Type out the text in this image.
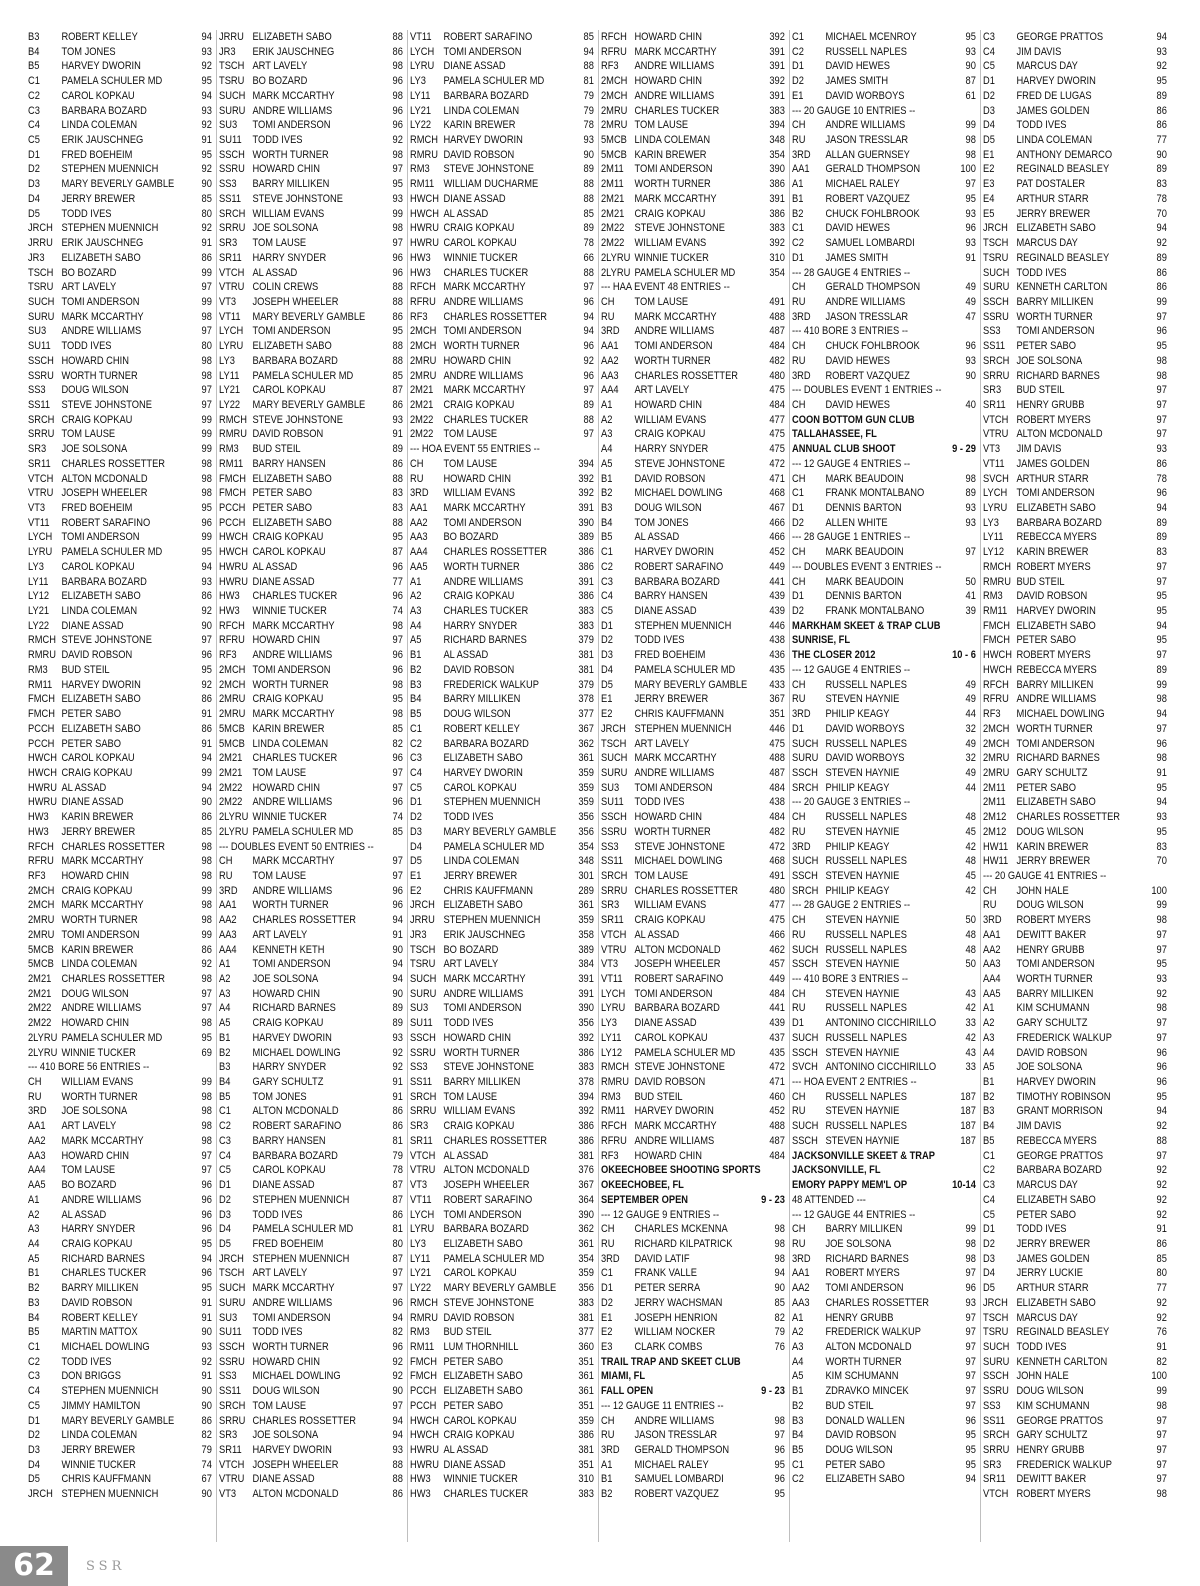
B3	ROBERT KELLEY	94
B4	TOM JONES	93
B5	HARVEY DWORIN	92
C1	PAMELA SCHULER MD	95
C2	CAROL KOPKAU	94
C3	BARBARA BOZARD	93
C4	LINDA COLEMAN	92
C5	ERIK JAUSCHNEG	91
D1	FRED BOEHEIM	95
D2	STEPHEN MUENNICH	92
D3	MARY BEVERLY GAMBLE	90
D4	JERRY BREWER	85
D5	TODD IVES	80
JRCH STEPHEN MUENNICH	92
JRRU ERIK JAUSCHNEG	91
JR3	ELIZABETH SABO	86
TSCH BO BOZARD	99
TSRU ART LAVELY	97
SUCH TOMI ANDERSON	99
SURU MARK MCCARTHY	98
SU3	ANDRE WILLIAMS	97
SU11	TODD IVES	80
SSCH HOWARD CHIN	98
SSRU WORTH TURNER	98
SS3	DOUG WILSON	97
SS11	STEVE JOHNSTONE	97
SRCH CRAIG KOPKAU	99
SRRU TOM LAUSE	99
SR3	JOE SOLSONA	99
SR11	CHARLES ROSSETTER	98
VTCH ALTON MCDONALD	98
VTRU JOSEPH WHEELER	98
VT3	FRED BOEHEIM	95
VT11	ROBERT SARAFINO	96
LYCH TOMI ANDERSON	99
LYRU PAMELA SCHULER MD	95
LY3	CAROL KOPKAU	94
LY11	BARBARA BOZARD	93
LY12	ELIZABETH SABO	86
LY21	LINDA COLEMAN	92
LY22	DIANE ASSAD	90
RMCH STEVE JOHNSTONE	97
RMRU DAVID ROBSON	96
RM3	BUD STEIL	95
RM11 HARVEY DWORIN	92
FMCH ELIZABETH SABO	86
FMCH PETER SABO	91
PCCH ELIZABETH SABO	86
PCCH PETER SABO	91
HWCH CAROL KOPKAU	94
HWCH CRAIG KOPKAU	99
HWRU AL ASSAD	94
HWRU DIANE ASSAD	90
HW3	KARIN BREWER	86
HW3	JERRY BREWER	85
RFCH CHARLES ROSSETTER	98
RFRU MARK MCCARTHY	98
RF3	HOWARD CHIN	98
2MCH CRAIG KOPKAU	99
2MCH MARK MCCARTHY	98
2MRU WORTH TURNER	98
2MRU TOMI ANDERSON	99
5MCB KARIN BREWER	86
5MCB LINDA COLEMAN	92
2M21 CHARLES ROSSETTER	98
2M21 DOUG WILSON	97
2M22 ANDRE WILLIAMS	97
2M22 HOWARD CHIN	98
2LYRU PAMELA SCHULER MD	95
2LYRU WINNIE TUCKER	69
--- 410 BORE 56 ENTRIES --
CH	WILLIAM EVANS	99
RU	WORTH TURNER	98
3RD	JOE SOLSONA	98
AA1	ART LAVELY	98
AA2	MARK MCCARTHY	98
AA3	HOWARD CHIN	97
AA4	TOM LAUSE	97
AA5	BO BOZARD	96
A1	ANDRE WILLIAMS	96
A2	AL ASSAD	96
A3	HARRY SNYDER	96
A4	CRAIG KOPKAU	95
A5	RICHARD BARNES	94
B1	CHARLES TUCKER	96
B2	BARRY MILLIKEN	95
B3	DAVID ROBSON	91
B4	ROBERT KELLEY	91
B5	MARTIN MATTOX	90
C1	MICHAEL DOWLING	93
C2	TODD IVES	92
C3	DON BRIGGS	91
C4	STEPHEN MUENNICH	90
C5	JIMMY HAMILTON	90
D1	MARY BEVERLY GAMBLE	86
D2	LINDA COLEMAN	82
D3	JERRY BREWER	79
D4	WINNIE TUCKER	74
D5	CHRIS KAUFFMANN	67
JRCH STEPHEN MUENNICH	90
JRRU ELIZABETH SABO	88
JR3	ERIK JAUSCHNEG	86
TSCH ART LAVELY	98
TSRU BO BOZARD	96
SUCH MARK MCCARTHY	98
SURU ANDRE WILLIAMS	96
SU3	TOMI ANDERSON	96
SU11	TODD IVES	92
SSCH WORTH TURNER	98
SSRU HOWARD CHIN	97
SS3	BARRY MILLIKEN	95
SS11	STEVE JOHNSTONE	93
SRCH WILLIAM EVANS	99
SRRU JOE SOLSONA	98
SR3	TOM LAUSE	97
SR11	HARRY SNYDER	96
VTCH AL ASSAD	96
VTRU COLIN CREWS	88
VT3	JOSEPH WHEELER	88
VT11	MARY BEVERLY GAMBLE	86
LYCH TOMI ANDERSON	95
LYRU ELIZABETH SABO	88
LY3	BARBARA BOZARD	88
LY11	PAMELA SCHULER MD	85
LY21	CAROL KOPKAU	87
LY22	MARY BEVERLY GAMBLE	86
RMCH STEVE JOHNSTONE	93
RMRU DAVID ROBSON	91
RM3	BUD STEIL	89
RM11 BARRY HANSEN	86
FMCH ELIZABETH SABO	88
FMCH PETER SABO	83
PCCH PETER SABO	83
PCCH ELIZABETH SABO	88
HWCH CRAIG KOPKAU	95
HWCH CAROL KOPKAU	87
HWRU AL ASSAD	96
HWRU DIANE ASSAD	77
HW3	CHARLES TUCKER	96
HW3	WINNIE TUCKER	74
RFCH MARK MCCARTHY	98
RFRU HOWARD CHIN	97
RF3	ANDRE WILLIAMS	96
2MCH TOMI ANDERSON	96
2MCH WORTH TURNER	98
2MRU CRAIG KOPKAU	95
2MRU MARK MCCARTHY	98
5MCB KARIN BREWER	85
5MCB LINDA COLEMAN	82
2M21 CHARLES TUCKER	96
2M21 TOM LAUSE	97
2M22 HOWARD CHIN	97
2M22 ANDRE WILLIAMS	96
2LYRU WINNIE TUCKER	74
2LYRU PAMELA SCHULER MD	85
--- DOUBLES EVENT 50 ENTRIES --
CH	MARK MCCARTHY	97
RU	TOM LAUSE	97
3RD	ANDRE WILLIAMS	96
AA1	WORTH TURNER	96
AA2	CHARLES ROSSETTER	94
AA3	ART LAVELY	91
AA4	KENNETH KETH	90
A1	TOMI ANDERSON	94
A2	JOE SOLSONA	94
A3	HOWARD CHIN	90
A4	RICHARD BARNES	89
A5	CRAIG KOPKAU	89
B1	HARVEY DWORIN	93
B2	MICHAEL DOWLING	92
B3	HARRY SNYDER	92
B4	GARY SCHULTZ	91
B5	TOM JONES	91
C1	ALTON MCDONALD	86
C2	ROBERT SARAFINO	86
C3	BARRY HANSEN	81
C4	BARBARA BOZARD	79
C5	CAROL KOPKAU	78
D1	DIANE ASSAD	87
D2	STEPHEN MUENNICH	87
D3	TODD IVES	86
D4	PAMELA SCHULER MD	81
D5	FRED BOEHEIM	80
JRCH STEPHEN MUENNICH	87
TSCH ART LAVELY	97
SUCH MARK MCCARTHY	97
SURU ANDRE WILLIAMS	96
SU3	TOMI ANDERSON	94
SU11	TODD IVES	82
SSCH WORTH TURNER	96
SSRU HOWARD CHIN	92
SS3	MICHAEL DOWLING	92
SS11	DOUG WILSON	90
SRCH TOM LAUSE	97
SRRU CHARLES ROSSETTER	94
SR3	JOE SOLSONA	94
SR11	HARVEY DWORIN	93
VTCH JOSEPH WHEELER	88
VTRU DIANE ASSAD	88
VT3	ALTON MCDONALD	86
VT11	ROBERT SARAFINO	85
LYCH TOMI ANDERSON	94
LYRU DIANE ASSAD	88
LY3	PAMELA SCHULER MD	81
LY11	BARBARA BOZARD	79
LY21	LINDA COLEMAN	79
LY22	KARIN BREWER	78
RMCH HARVEY DWORIN	93
RMRU DAVID ROBSON	90
RM3	STEVE JOHNSTONE	89
RM11 WILLIAM DUCHARME	88
HWCH DIANE ASSAD	88
HWCH AL ASSAD	85
HWRU CRAIG KOPKAU	89
HWRU CAROL KOPKAU	78
HW3	WINNIE TUCKER	66
HW3	CHARLES TUCKER	88
RFCH MARK MCCARTHY	97
RFRU ANDRE WILLIAMS	96
RF3	CHARLES ROSSETTER	94
2MCH TOMI ANDERSON	94
2MCH WORTH TURNER	96
2MRU HOWARD CHIN	92
2MRU ANDRE WILLIAMS	96
2M21 MARK MCCARTHY	97
2M21 CRAIG KOPKAU	89
2M22 CHARLES TUCKER	88
2M22 TOM LAUSE	97
--- HOA EVENT 55 ENTRIES --
CH	TOM LAUSE	394
RU	HOWARD CHIN	392
3RD	WILLIAM EVANS	392
AA1	MARK MCCARTHY	391
AA2	TOMI ANDERSON	390
AA3	BO BOZARD	389
AA4	CHARLES ROSSETTER	386
AA5	WORTH TURNER	386
A1	ANDRE WILLIAMS	391
A2	CRAIG KOPKAU	386
A3	CHARLES TUCKER	383
A4	HARRY SNYDER	383
A5	RICHARD BARNES	379
B1	AL ASSAD	381
B2	DAVID ROBSON	381
B3	FREDERICK WALKUP	379
B4	BARRY MILLIKEN	378
B5	DOUG WILSON	377
C1	ROBERT KELLEY	367
C2	BARBARA BOZARD	362
C3	ELIZABETH SABO	361
C4	HARVEY DWORIN	359
C5	CAROL KOPKAU	359
D1	STEPHEN MUENNICH	359
D2	TODD IVES	356
D3	MARY BEVERLY GAMBLE 356
D4	PAMELA SCHULER MD	354
D5	LINDA COLEMAN	348
E1	JERRY BREWER	301
E2	CHRIS KAUFFMANN	289
JRCH ELIZABETH SABO	361
JRRU STEPHEN MUENNICH	359
JR3	ERIK JAUSCHNEG	358
TSCH BO BOZARD	389
TSRU ART LAVELY	384
SUCH MARK MCCARTHY	391
SURU ANDRE WILLIAMS	391
SU3	TOMI ANDERSON	390
SU11	TODD IVES	356
SSCH HOWARD CHIN	392
SSRU WORTH TURNER	386
SS3	STEVE JOHNSTONE	383
SS11	BARRY MILLIKEN	378
SRCH TOM LAUSE	394
SRRU WILLIAM EVANS	392
SR3	CRAIG KOPKAU	386
SR11	CHARLES ROSSETTER	386
VTCH AL ASSAD	381
VTRU ALTON MCDONALD	376
VT3	JOSEPH WHEELER	367
VT11	ROBERT SARAFINO	364
LYCH TOMI ANDERSON	390
LYRU BARBARA BOZARD	362
LY3	ELIZABETH SABO	361
LY11	PAMELA SCHULER MD	354
LY21	CAROL KOPKAU	359
LY22	MARY BEVERLY GAMBLE 356
RMCH STEVE JOHNSTONE	383
RMRU DAVID ROBSON	381
RM3	BUD STEIL	377
RM11 LUM THORNHILL	360
FMCH PETER SABO	351
FMCH ELIZABETH SABO	361
PCCH ELIZABETH SABO	361
PCCH PETER SABO	351
HWCH CAROL KOPKAU	359
HWCH CRAIG KOPKAU	386
HWRU AL ASSAD	381
HWRU DIANE ASSAD	351
HW3	WINNIE TUCKER	310
HW3	CHARLES TUCKER	383
RFCH HOWARD CHIN	392
RFRU MARK MCCARTHY	391
RF3	ANDRE WILLIAMS	391
2MCH HOWARD CHIN	392
2MCH ANDRE WILLIAMS	391
2MRU CHARLES TUCKER	383
2MRU TOM LAUSE	394
5MCB LINDA COLEMAN	348
5MCB KARIN BREWER	354
2M11	TOMI ANDERSON	390
2M11	WORTH TURNER	386
2M21 MARK MCCARTHY	391
2M21 CRAIG KOPKAU	386
2M22 STEVE JOHNSTONE	383
2M22 WILLIAM EVANS	392
2LYRU WINNIE TUCKER	310
2LYRU PAMELA SCHULER MD	354
--- HAA EVENT 48 ENTRIES --
CH	TOM LAUSE	491
RU	MARK MCCARTHY	488
3RD	ANDRE WILLIAMS	487
AA1	TOMI ANDERSON	484
AA2	WORTH TURNER	482
AA3	CHARLES ROSSETTER	480
AA4	ART LAVELY	475
A1	HOWARD CHIN	484
A2	WILLIAM EVANS	477
A3	CRAIG KOPKAU	475
A4	HARRY SNYDER	475
A5	STEVE JOHNSTONE	472
B1	DAVID ROBSON	471
B2	MICHAEL DOWLING	468
B3	DOUG WILSON	467
B4	TOM JONES	466
B5	AL ASSAD	466
C1	HARVEY DWORIN	452
C2	ROBERT SARAFINO	449
C3	BARBARA BOZARD	441
C4	BARRY HANSEN	439
C5	DIANE ASSAD	439
D1	STEPHEN MUENNICH	446
D2	TODD IVES	438
D3	FRED BOEHEIM	436
D4	PAMELA SCHULER MD	435
D5	MARY BEVERLY GAMBLE 433
E1	JERRY BREWER	367
E2	CHRIS KAUFFMANN	351
JRCH STEPHEN MUENNICH	446
TSCH ART LAVELY	475
SUCH MARK MCCARTHY	488
SURU ANDRE WILLIAMS	487
SU3	TOMI ANDERSON	484
SU11	TODD IVES	438
SSCH HOWARD CHIN	484
SSRU WORTH TURNER	482
SS3	STEVE JOHNSTONE	472
SS11	MICHAEL DOWLING	468
SRCH TOM LAUSE	491
SRRU CHARLES ROSSETTER	480
SR3	WILLIAM EVANS	477
SR11	CRAIG KOPKAU	475
VTCH AL ASSAD	466
VTRU ALTON MCDONALD	462
VT3	JOSEPH WHEELER	457
VT11	ROBERT SARAFINO	449
LYCH TOMI ANDERSON	484
LYRU BARBARA BOZARD	441
LY3	DIANE ASSAD	439
LY11	CAROL KOPKAU	437
LY12	PAMELA SCHULER MD	435
RMCH STEVE JOHNSTONE	472
RMRU DAVID ROBSON	471
RM3	BUD STEIL	460
RM11 HARVEY DWORIN	452
RFCH MARK MCCARTHY	488
RFRU ANDRE WILLIAMS	487
RF3	HOWARD CHIN	484
OKEECHOBEE SHOOTING SPORTS
OKEECHOBEE, FL
SEPTEMBER OPEN	9 - 23
--- 12 GAUGE 9 ENTRIES --
CH	CHARLES MCKENNA	98
RU	RICHARD KILPATRICK	98
3RD	DAVID LATIF	98
C1	FRANK VALLE	94
D1	PETER SERRA	90
D2	JERRY WACHSMAN	85
E1	JOSEPH HENRION	82
E2	WILLIAM NOCKER	79
E3	CLARK COMBS	76
TRAIL TRAP AND SKEET CLUB
MIAMI, FL
FALL OPEN	9 - 23
--- 12 GAUGE 11 ENTRIES --
CH	ANDRE WILLIAMS	98
RU	JASON TRESSLAR	97
3RD	GERALD THOMPSON	96
A1	MICHAEL RALEY	95
B1	SAMUEL LOMBARDI	96
B2	ROBERT VAZQUEZ	95
C1	MICHAEL MCENROY	95
C2	RUSSELL NAPLES	93
D1	DAVID HEWES	90
D2	JAMES SMITH	87
E1	DAVID WORBOYS	61
--- 20 GAUGE 10 ENTRIES --
CH	ANDRE WILLIAMS	99
RU	JASON TRESSLAR	98
3RD	ALLAN GUERNSEY	98
AA1	GERALD THOMPSON	100
A1	MICHAEL RALEY	97
B1	ROBERT VAZQUEZ	95
B2	CHUCK FOHLBROOK	93
C1	DAVID HEWES	96
C2	SAMUEL LOMBARDI	93
D1	JAMES SMITH	91
--- 28 GAUGE 4 ENTRIES --
CH	GERALD THOMPSON	49
RU	ANDRE WILLIAMS	49
3RD	JASON TRESSLAR	47
--- 410 BORE 3 ENTRIES --
CH	CHUCK FOHLBROOK	96
RU	DAVID HEWES	93
3RD	ROBERT VAZQUEZ	90
--- DOUBLES EVENT 1 ENTRIES --
CH	DAVID HEWES	40
COON BOTTOM GUN CLUB
TALLAHASSEE, FL
ANNUAL CLUB SHOOT	9 - 29
--- 12 GAUGE 4 ENTRIES --
CH	MARK BEAUDOIN	98
C1	FRANK MONTALBANO	89
D1	DENNIS BARTON	93
D2	ALLEN WHITE	93
--- 28 GAUGE 1 ENTRIES --
CH	MARK BEAUDOIN	97
--- DOUBLES EVENT 3 ENTRIES --
CH	MARK BEAUDOIN	50
D1	DENNIS BARTON	41
D2	FRANK MONTALBANO	39
MARKHAM SKEET & TRAP CLUB
SUNRISE, FL
THE CLOSER 2012	10 - 6
--- 12 GAUGE 4 ENTRIES --
CH	RUSSELL NAPLES	49
RU	STEVEN HAYNIE	49
3RD	PHILIP KEAGY	44
D1	DAVID WORBOYS	32
SUCH RUSSELL NAPLES	49
SURU DAVID WORBOYS	32
SSCH STEVEN HAYNIE	49
SRCH PHILIP KEAGY	44
--- 20 GAUGE 3 ENTRIES --
CH	RUSSELL NAPLES	48
RU	STEVEN HAYNIE	45
3RD	PHILIP KEAGY	42
SUCH RUSSELL NAPLES	48
SSCH STEVEN HAYNIE	45
SRCH PHILIP KEAGY	42
--- 28 GAUGE 2 ENTRIES --
CH	STEVEN HAYNIE	50
RU	RUSSELL NAPLES	48
SUCH RUSSELL NAPLES	48
SSCH STEVEN HAYNIE	50
--- 410 BORE 3 ENTRIES --
CH	STEVEN HAYNIE	43
RU	RUSSELL NAPLES	42
D1	ANTONINO CICCHIRILLO	33
SUCH RUSSELL NAPLES	42
SSCH STEVEN HAYNIE	43
SVCH ANTONINO CICCHIRILLO	33
--- HOA EVENT 2 ENTRIES --
CH	RUSSELL NAPLES	187
RU	STEVEN HAYNIE	187
SUCH RUSSELL NAPLES	187
SSCH STEVEN HAYNIE	187
JACKSONVILLE SKEET & TRAP
JACKSONVILLE, FL
EMORY PAPPY MEM'L OP	10-14
48 ATTENDED ---
--- 12 GAUGE 44 ENTRIES --
CH	BARRY MILLIKEN	99
RU	JOE SOLSONA	98
3RD	RICHARD BARNES	98
AA1	ROBERT MYERS	97
AA2	TOMI ANDERSON	96
AA3	CHARLES ROSSETTER	93
A1	HENRY GRUBB	97
A2	FREDERICK WALKUP	97
A3	ALTON MCDONALD	97
A4	WORTH TURNER	97
A5	KIM SCHUMANN	97
B1	ZDRAVKO MINCEK	97
B2	BUD STEIL	97
B3	DONALD WALLEN	96
B4	DAVID ROBSON	95
B5	DOUG WILSON	95
C1	PETER SABO	95
C2	ELIZABETH SABO	94
C3	GEORGE PRATTOS	94
C4	JIM DAVIS	93
C5	MARCUS DAY	92
D1	HARVEY DWORIN	95
D2	FRED DE LUGAS	89
D3	JAMES GOLDEN	86
D4	TODD IVES	86
D5	LINDA COLEMAN	77
E1	ANTHONY DEMARCO	90
E2	REGINALD BEASLEY	89
E3	PAT DOSTALER	83
E4	ARTHUR STARR	78
E5	JERRY BREWER	70
JRCH ELIZABETH SABO	94
TSCH MARCUS DAY	92
TSRU REGINALD BEASLEY	89
SUCH TODD IVES	86
SURU KENNETH CARLTON	86
SSCH BARRY MILLIKEN	99
SSRU WORTH TURNER	97
SS3	TOMI ANDERSON	96
SS11	PETER SABO	95
SRCH JOE SOLSONA	98
SRRU RICHARD BARNES	98
SR3	BUD STEIL	97
SR11	HENRY GRUBB	97
VTCH ROBERT MYERS	97
VTRU ALTON MCDONALD	97
VT3	JIM DAVIS	93
VT11	JAMES GOLDEN	86
SVCH ARTHUR STARR	78
LYCH TOMI ANDERSON	96
LYRU ELIZABETH SABO	94
LY3	BARBARA BOZARD	89
LY11	REBECCA MYERS	89
LY12	KARIN BREWER	83
RMCH ROBERT MYERS	97
RMRU BUD STEIL	97
RM3	DAVID ROBSON	95
RM11 HARVEY DWORIN	95
FMCH ELIZABETH SABO	94
FMCH PETER SABO	95
HWCH ROBERT MYERS	97
HWCH REBECCA MYERS	89
RFCH BARRY MILLIKEN	99
RFRU ANDRE WILLIAMS	98
RF3	MICHAEL DOWLING	94
2MCH WORTH TURNER	97
2MCH TOMI ANDERSON	96
2MRU RICHARD BARNES	98
2MRU GARY SCHULTZ	91
2M11	PETER SABO	95
2M11	ELIZABETH SABO	94
2M12 CHARLES ROSSETTER	93
2M12 DOUG WILSON	95
HW11 KARIN BREWER	83
HW11 JERRY BREWER	70
--- 20 GAUGE 41 ENTRIES --
CH	JOHN HALE	100
RU	DOUG WILSON	99
3RD	ROBERT MYERS	98
AA1	DEWITT BAKER	97
AA2	HENRY GRUBB	97
AA3	TOMI ANDERSON	95
AA4	WORTH TURNER	93
AA5	BARRY MILLIKEN	92
A1	KIM SCHUMANN	98
A2	GARY SCHULTZ	97
A3	FREDERICK WALKUP	97
A4	DAVID ROBSON	96
A5	JOE SOLSONA	96
B1	HARVEY DWORIN	96
B2	TIMOTHY ROBINSON	95
B3	GRANT MORRISON	94
B4	JIM DAVIS	92
B5	REBECCA MYERS	88
C1	GEORGE PRATTOS	97
C2	BARBARA BOZARD	92
C3	MARCUS DAY	92
C4	ELIZABETH SABO	92
C5	PETER SABO	92
D1	TODD IVES	91
D2	JERRY BREWER	86
D3	JAMES GOLDEN	85
D4	JERRY LUCKIE	80
D5	ARTHUR STARR	77
JRCH ELIZABETH SABO	92
TSCH MARCUS DAY	92
TSRU REGINALD BEASLEY	76
SUCH TODD IVES	91
SURU KENNETH CARLTON	82
SSCH JOHN HALE	100
SSRU DOUG WILSON	99
SS3	KIM SCHUMANN	98
SS11	GEORGE PRATTOS	97
SRCH GARY SCHULTZ	97
SRRU HENRY GRUBB	97
SR3	FREDERICK WALKUP	97
SR11	DEWITT BAKER	97
VTCH ROBERT MYERS	98
62	SSR
